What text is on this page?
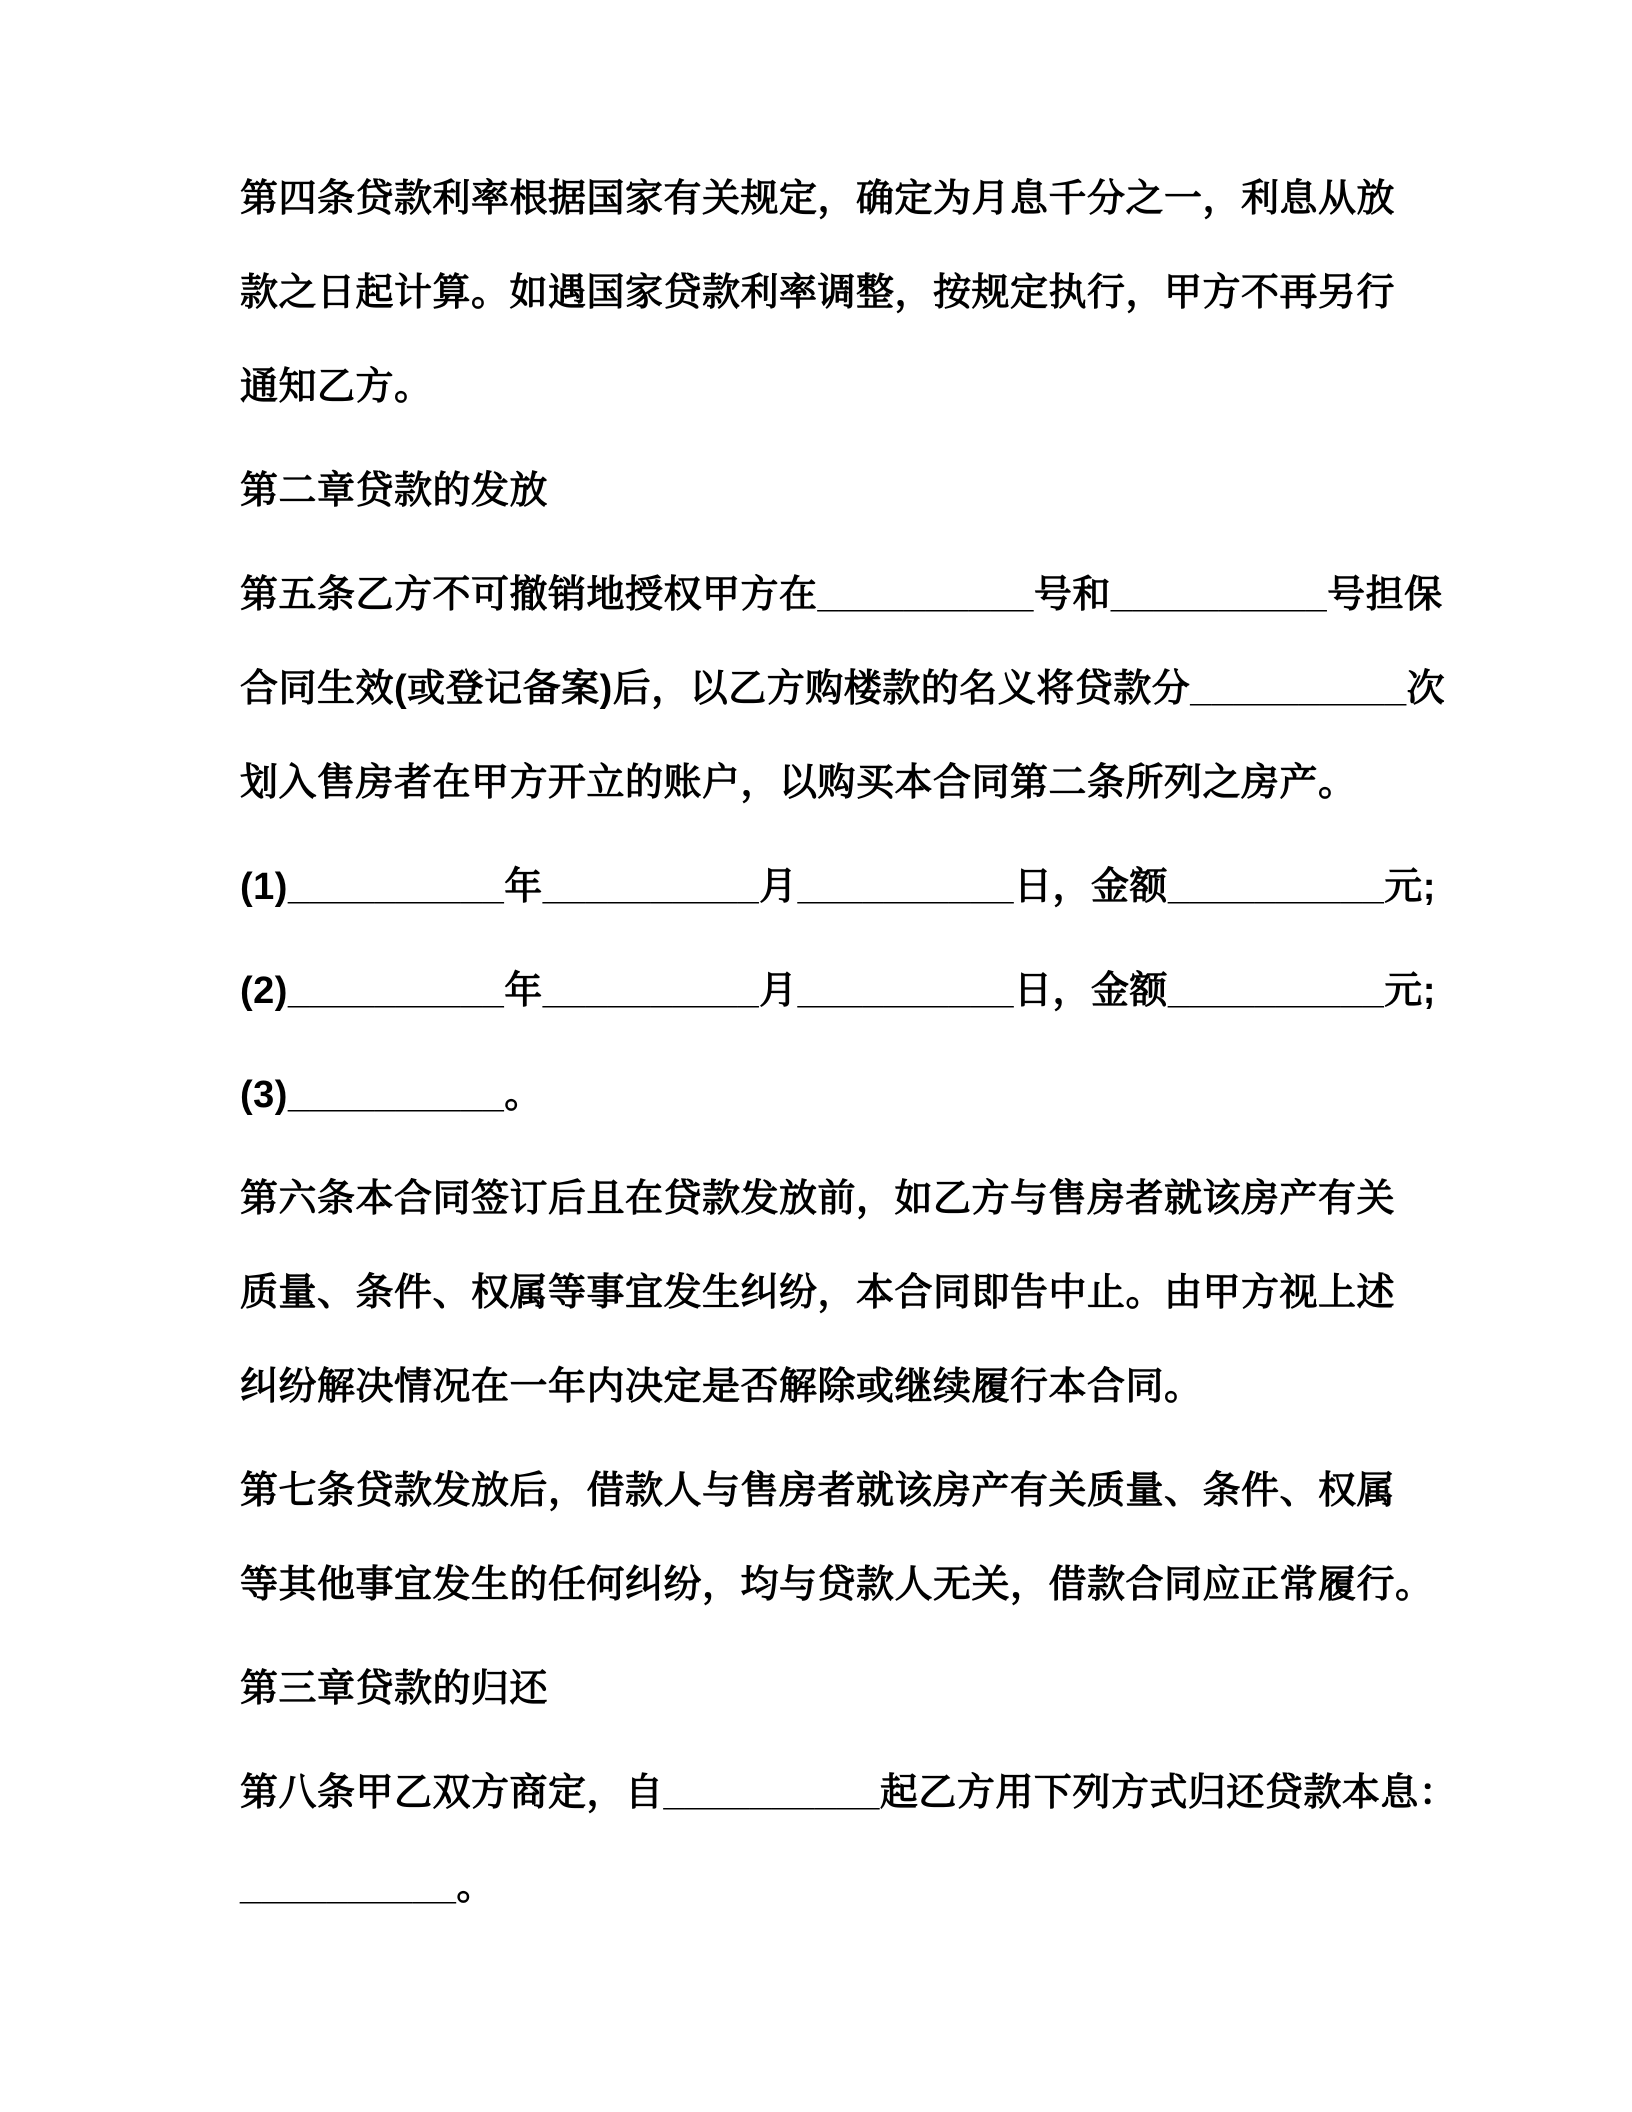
第四条贷款利率根据国家有关规定，确定为月息千分之一，利息从放
款之日起计算。如遇国家贷款利率调整，按规定执行，甲方不再另行
通知乙方。

第二章贷款的发放

第五条乙方不可撤销地授权甲方在__________号和__________号担保
合同生效(或登记备案)后，以乙方购楼款的名义将贷款分__________次
划入售房者在甲方开立的账户，以购买本合同第二条所列之房产。

(1)__________年__________月__________日，金额__________元;

(2)__________年__________月__________日，金额__________元;

(3)__________。

第六条本合同签订后且在贷款发放前，如乙方与售房者就该房产有关
质量、条件、权属等事宜发生纠纷，本合同即告中止。由甲方视上述
纠纷解决情况在一年内决定是否解除或继续履行本合同。

第七条贷款发放后，借款人与售房者就该房产有关质量、条件、权属
等其他事宜发生的任何纠纷，均与贷款人无关，借款合同应正常履行。

第三章贷款的归还

第八条甲乙双方商定，自__________起乙方用下列方式归还贷款本息：
__________。
